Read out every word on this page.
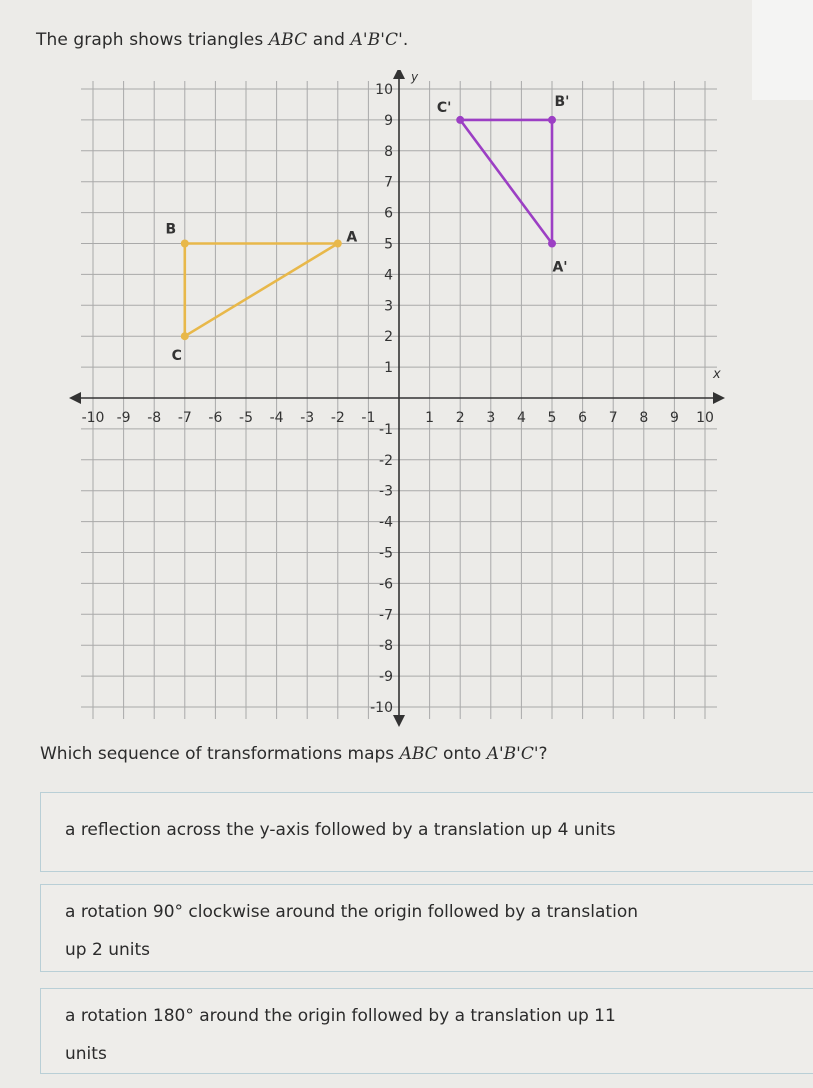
The graph shows triangles ABC and A'B'C'.
x
y
-10 -9 -8 -7 -6 -5 -4 -3 -2 -1	1 2 3 4 5 6 7 8 9 10
10
9
8
7
6
5
4
3
2
1
-1
-2
-3
-4
-5
-6
-7
-8
-9
-10
A
B
C
A'
B'
C'
Which sequence of transformations maps ABC onto A'B'C'?
a reflection across the y-axis followed by a translation up 4 units
a rotation 90° clockwise around the origin followed by a translation
up 2 units
a rotation 180° around the origin followed by a translation up 11
units
